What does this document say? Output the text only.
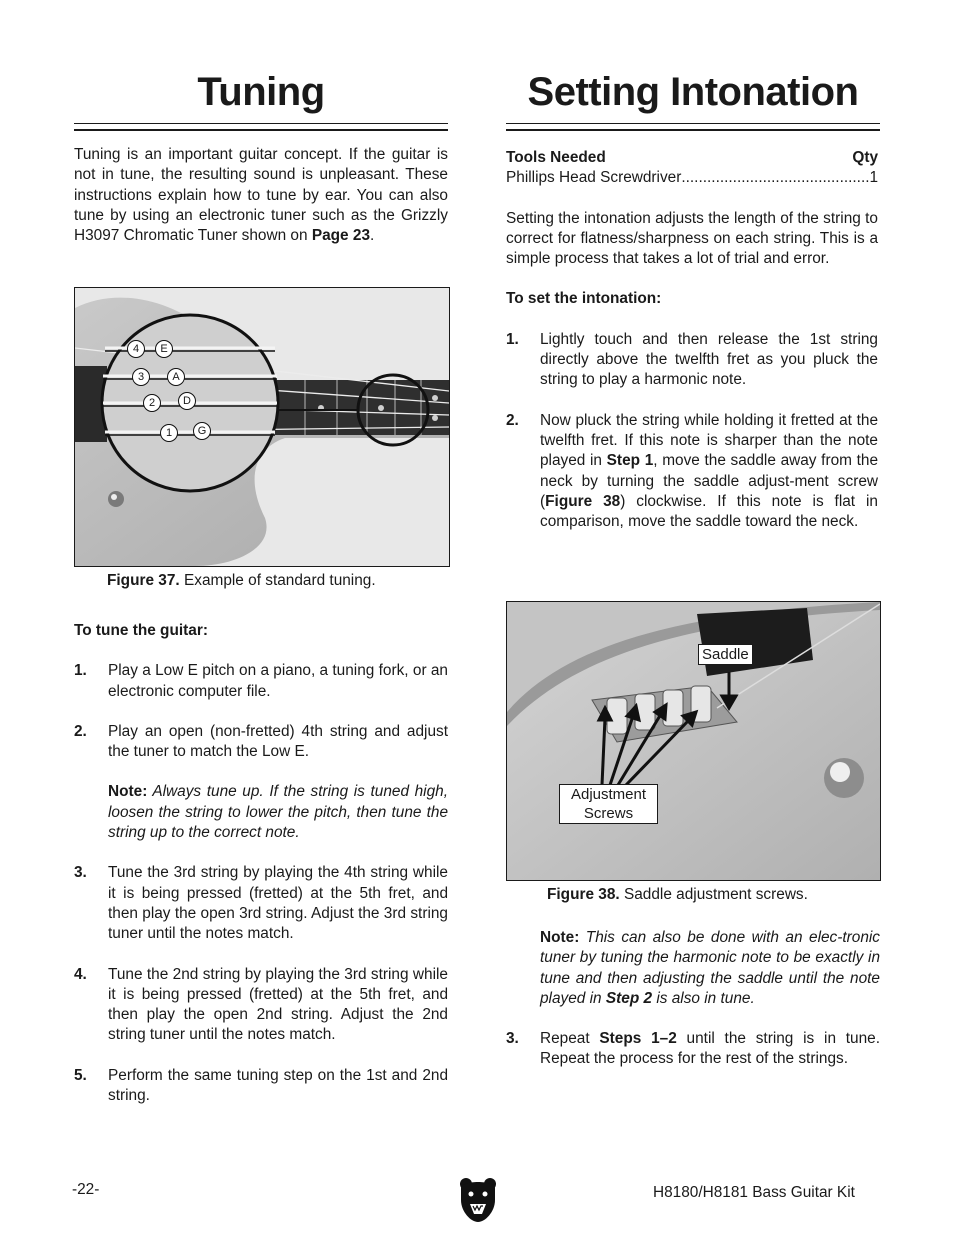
Tuning

Tuning is an important guitar concept. If the guitar is not in tune, the resulting sound is unpleasant. These instructions explain how to tune by ear. You can also tune by using an electronic tuner such as the Grizzly H3097 Chromatic Tuner shown on Page 23.

4	E
3	A
2	D
1	G
Figure 37. Example of standard tuning.

To tune the guitar:

1. Play a Low E pitch on a piano, a tuning fork, or an electronic computer file.
2. Play an open (non-fretted) 4th string and adjust the tuner to match the Low E.
Note: Always tune up. If the string is tuned high, loosen the string to lower the pitch, then tune the string up to the correct note.
3. Tune the 3rd string by playing the 4th string while it is being pressed (fretted) at the 5th fret, and then play the open 3rd string. Adjust the 3rd string tuner until the notes match.
4. Tune the 2nd string by playing the 3rd string while it is being pressed (fretted) at the 5th fret, and then play the open 2nd string. Adjust the 2nd string tuner until the notes match.
5. Perform the same tuning step on the 1st and 2nd string.
Setting Intonation
Tools Needed	Qty
Phillips Head Screwdriver
.....	1

Setting the intonation adjusts the length of the string to correct for flatness/sharpness on each string. This is a simple process that takes a lot of trial and error.

To set the intonation:

1. Lightly touch and then release the 1st string directly above the twelfth fret as you pluck the string to play a harmonic note.
2. Now pluck the string while holding it fretted at the twelfth fret. If this note is sharper than the note played in Step 1, move the saddle away from the neck by turning the saddle adjust-ment screw (Figure 38) clockwise. If this note is flat in comparison, move the saddle toward the neck.
Saddle
Adjustment
Screws
Figure 38. Saddle adjustment screws.
Note: This can also be done with an elec-tronic tuner by tuning the harmonic note to be exactly in tune and then adjusting the saddle until the note played in Step 2 is also in tune.
3. Repeat Steps 1–2 until the string is in tune. Repeat the process for the rest of the strings.
-22-	H8180/H8181 Bass Guitar Kit
